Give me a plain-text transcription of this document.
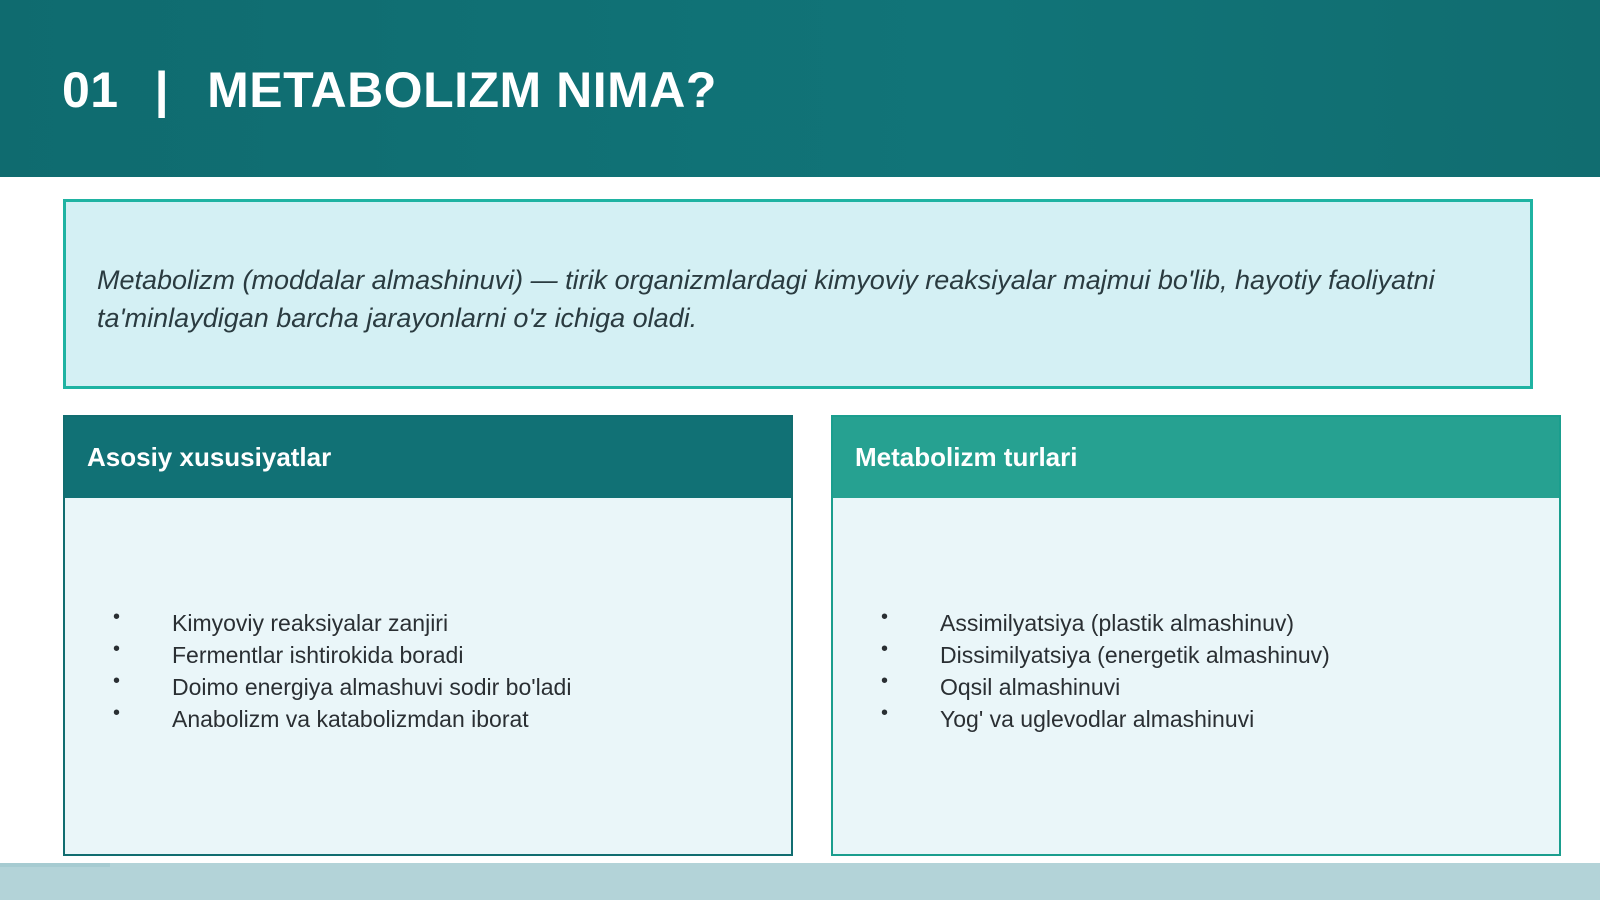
01 | METABOLIZM NIMA?

Metabolizm (moddalar almashinuvi) — tirik organizmlardagi kimyoviy reaksiyalar majmui bo'lib, hayotiy faoliyatni ta'minlaydigan barcha jarayonlarni o'z ichiga oladi.

Asosiy xususiyatlar
• Kimyoviy reaksiyalar zanjiri
• Fermentlar ishtirokida boradi
• Doimo energiya almashuvi sodir bo'ladi
• Anabolizm va katabolizmdan iborat
Metabolizm turlari
• Assimilyatsiya (plastik almashinuv)
• Dissimilyatsiya (energetik almashinuv)
• Oqsil almashinuvi
• Yog' va uglevodlar almashinuvi
